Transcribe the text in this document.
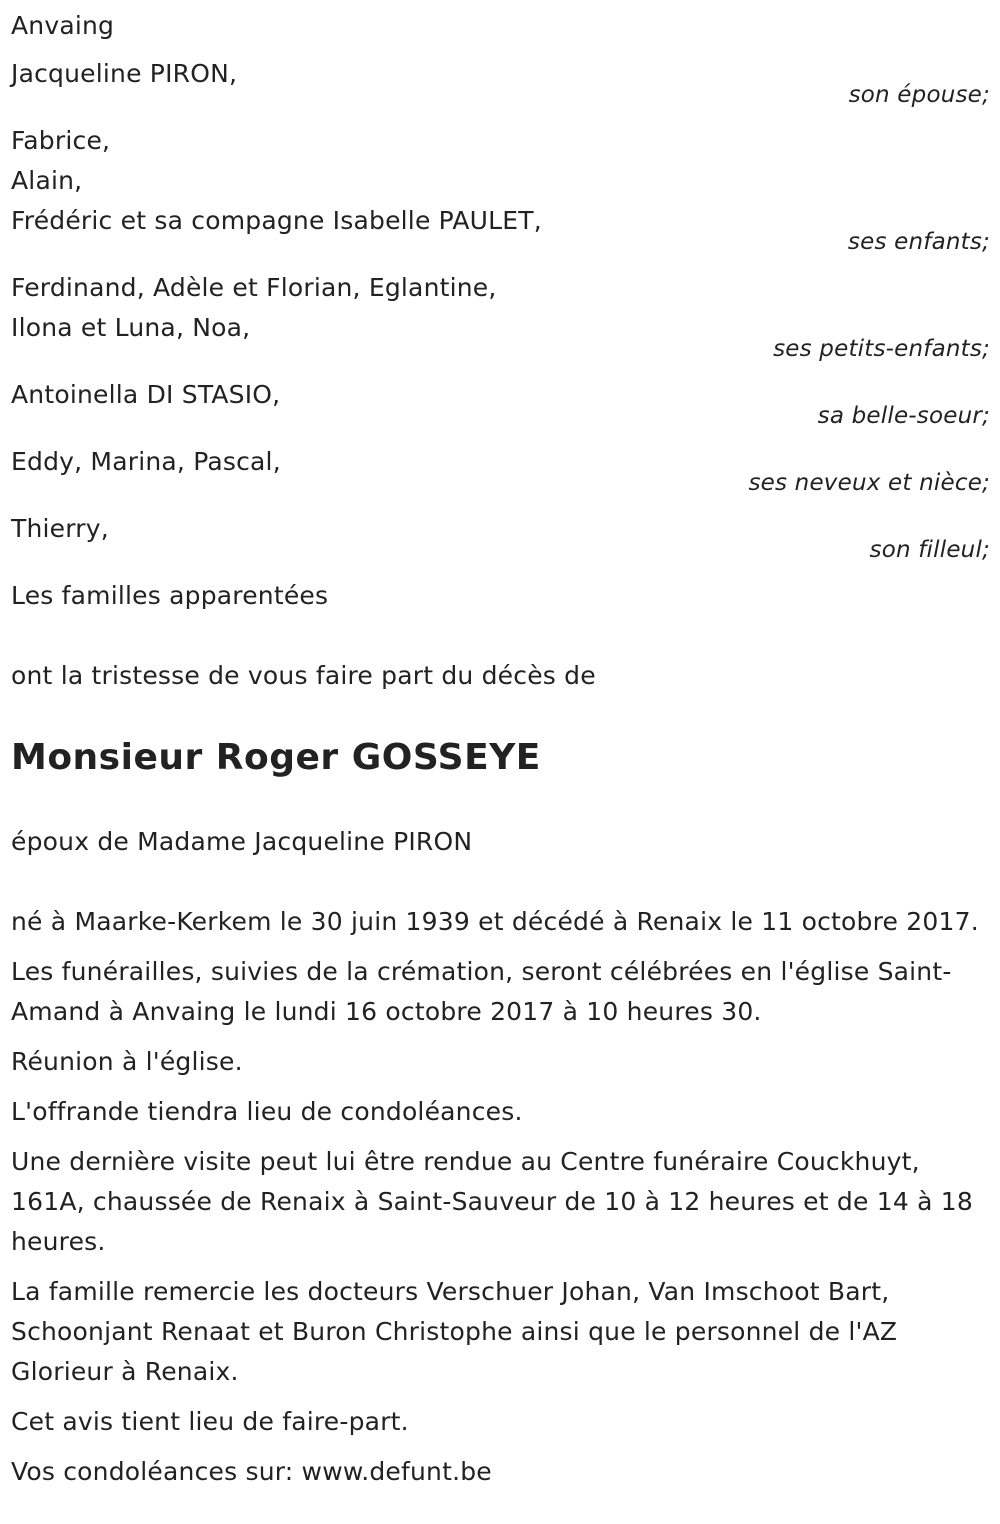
Anvaing
Jacqueline PIRON,
son épouse;
Fabrice,
Alain,
Frédéric et sa compagne Isabelle PAULET,
ses enfants;
Ferdinand, Adèle et Florian, Eglantine,
Ilona et Luna, Noa,
ses petits-enfants;
Antoinella DI STASIO,
sa belle-soeur;
Eddy, Marina, Pascal,
ses neveux et nièce;
Thierry,
son filleul;
Les familles apparentées
ont la tristesse de vous faire part du décès de
Monsieur Roger GOSSEYE
époux de Madame Jacqueline PIRON

né à Maarke-Kerkem le 30 juin 1939 et décédé à Renaix le 11 octobre 2017.

Les funérailles, suivies de la crémation, seront célébrées en l'église Saint-Amand à Anvaing le lundi 16 octobre 2017 à 10 heures 30.

Réunion à l'église.

L'offrande tiendra lieu de condoléances.

Une dernière visite peut lui être rendue au Centre funéraire Couckhuyt, 161A, chaussée de Renaix à Saint-Sauveur de 10 à 12 heures et de 14 à 18 heures.

La famille remercie les docteurs Verschuer Johan, Van Imschoot Bart, Schoonjant Renaat et Buron Christophe ainsi que le personnel de l'AZ Glorieur à Renaix.

Cet avis tient lieu de faire-part.

Vos condoléances sur: www.defunt.be
